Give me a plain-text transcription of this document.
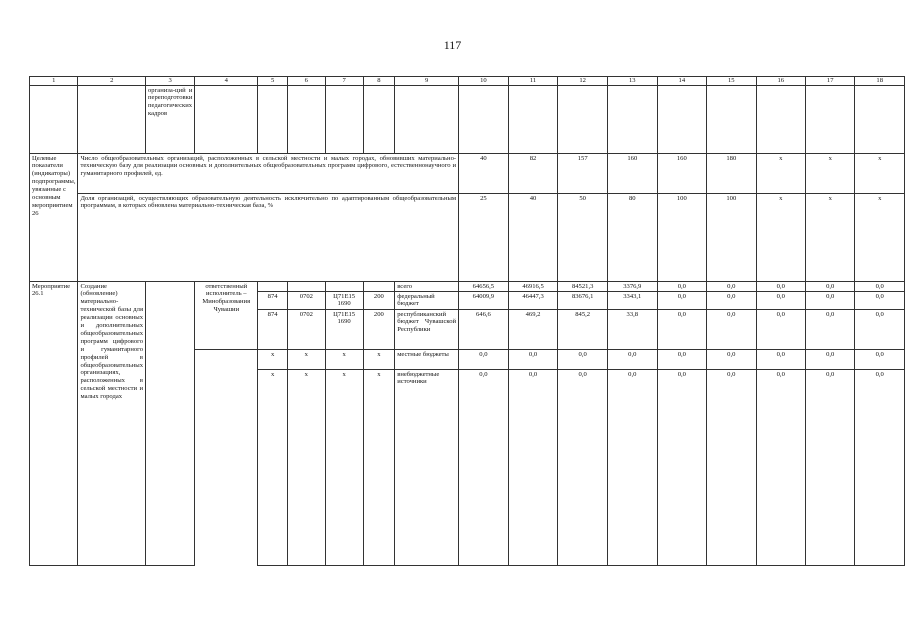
117
1	2	3	4	5	6	7	8	9	10	11	12	13	14	15	16	17	18
		организа-ций и переподготовки педагогических кадров															
Целевые показатели (индикаторы) подпрограммы, увязанные с основным мероприятием 26	Число общеобразовательных организаций, расположенных в сельской местности и малых городах, обновивших материально-техническую базу для реализации основных и дополнительных общеобразовательных программ цифрового, естественнонаучного и гуманитарного профилей, ед.								40	82	157	160	160	180	x	x	x
	Доля организаций, осуществляющих образовательную деятельность исключительно по адаптированным общеобразовательным программам, в которых обновлена материально-техническая база, %								25	40	50	80	100	100	x	x	x
Мероприятие 26.1	Создание (обновление) материально-технической базы для реализации основных и дополнительных общеобразовательных программ цифрового и гуманитарного профилей в общеобразовательных организациях, расположенных в сельской местности и малых городах		ответственный исполнитель – Минобразования Чувашии					всего	64656,5	46916,5	84521,3	3376,9	0,0	0,0	0,0	0,0	0,0
				874	0702	Ц71E15 1690	200	федеральный бюджет	64009,9	46447,3	83676,1	3343,1	0,0	0,0	0,0	0,0	0,0
				874	0702	Ц71E15 1690	200	республиканский бюджет Чувашской Республики	646,6	469,2	845,2	33,8	0,0	0,0	0,0	0,0	0,0
				x	x	x	x	местные бюджеты	0,0	0,0	0,0	0,0	0,0	0,0	0,0	0,0	0,0
				x	x	x	x	внебюджетные источники	0,0	0,0	0,0	0,0	0,0	0,0	0,0	0,0	0,0
